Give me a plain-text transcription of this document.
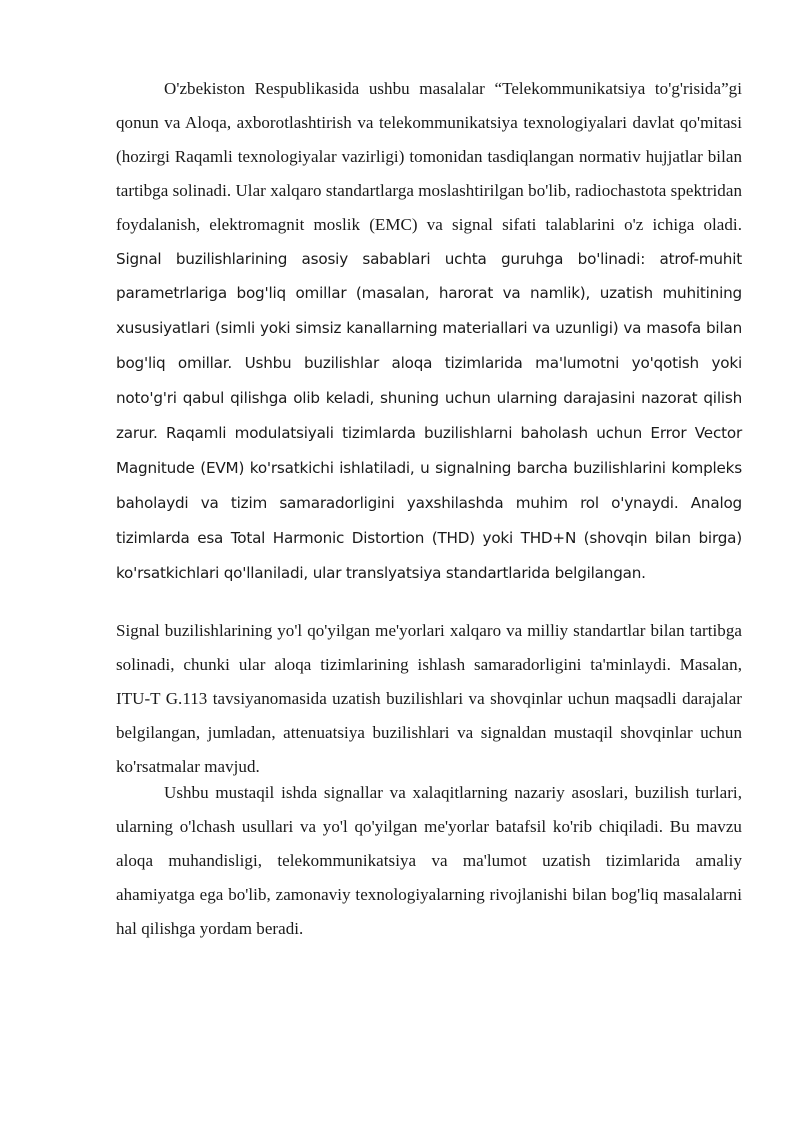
O'zbekiston Respublikasida ushbu masalalar “Telekommunikatsiya to'g'risida”gi qonun va Aloqa, axborotlashtirish va telekommunikatsiya texnologiyalari davlat qo'mitasi (hozirgi Raqamli texnologiyalar vazirligi) tomonidan tasdiqlangan normativ hujjatlar bilan tartibga solinadi. Ular xalqaro standartlarga moslashtirilgan bo'lib, radiochastota spektridan foydalanish, elektromagnit moslik (EMC) va signal sifati talablarini o'z ichiga oladi. Signal buzilishlarining asosiy sabablari uchta guruhga bo'linadi: atrof-muhit parametrlariga bog'liq omillar (masalan, harorat va namlik), uzatish muhitining xususiyatlari (simli yoki simsiz kanallarning materiallari va uzunligi) va masofa bilan bog'liq omillar. Ushbu buzilishlar aloqa tizimlarida ma'lumotni yo'qotish yoki noto'g'ri qabul qilishga olib keladi, shuning uchun ularning darajasini nazorat qilish zarur. Raqamli modulatsiyali tizimlarda buzilishlarni baholash uchun Error Vector Magnitude (EVM) ko'rsatkichi ishlatiladi, u signalning barcha buzilishlarini kompleks baholaydi va tizim samaradorligini yaxshilashda muhim rol o'ynaydi. Analog tizimlarda esa Total Harmonic Distortion (THD) yoki THD+N (shovqin bilan birga) ko'rsatkichlari qo'llaniladi, ular translyatsiya standartlarida belgilangan.

Signal buzilishlarining yo'l qo'yilgan me'yorlari xalqaro va milliy standartlar bilan tartibga solinadi, chunki ular aloqa tizimlarining ishlash samaradorligini ta'minlaydi. Masalan, ITU-T G.113 tavsiyanomasida uzatish buzilishlari va shovqinlar uchun maqsadli darajalar belgilangan, jumladan, attenuatsiya buzilishlari va signaldan mustaqil shovqinlar uchun ko'rsatmalar mavjud.

Ushbu mustaqil ishda signallar va xalaqitlarning nazariy asoslari, buzilish turlari, ularning o'lchash usullari va yo'l qo'yilgan me'yorlar batafsil ko'rib chiqiladi. Bu mavzu aloqa muhandisligi, telekommunikatsiya va ma'lumot uzatish tizimlarida amaliy ahamiyatga ega bo'lib, zamonaviy texnologiyalarning rivojlanishi bilan bog'liq masalalarni hal qilishga yordam beradi.
